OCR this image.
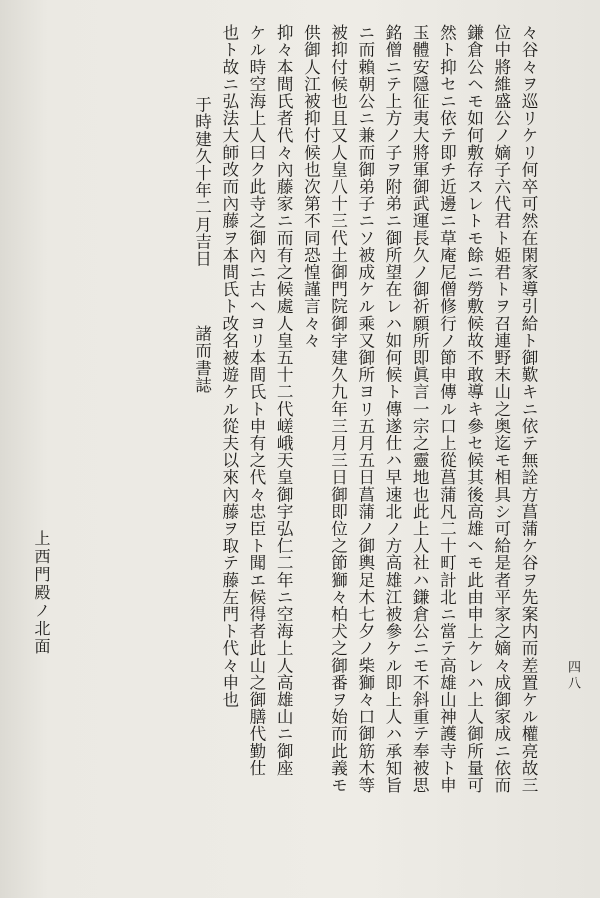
四八
々谷々ヲ巡リケリ何卒可然在閑家導引給ト御歎キニ依テ無詮方菖蒲ケ谷ヲ先案内而差置ケル權亮故三
位中將維盛公ノ嫡子六代君ト姫君トヲ召連野末山之奥迄モ相具シ可給是者平家之嫡々成御家成ニ依而
鎌倉公ヘモ如何敷存スレトモ餘ニ勞敷候故不敢導キ參セ候其後高雄ヘモ此由申上ケレハ上人御所量可
然ト抑セニ依テ即チ近邊ニ草庵尼僧修行ノ節申傳ル口上從菖蒲凡二十町計北ニ當テ高雄山神護寺ト申
玉體安隱征夷大將軍御武運長久ノ御祈願所即眞言一宗之靈地也此上人社ハ鎌倉公ニモ不斜重テ奉被思
銘僧ニテ上方ノ子ヲ附弟ニ御所望在レハ如何候ト傳遂仕ハ早速北ノ方高雄江被參ケル即上人ハ承知旨
ニ而賴朝公ニ兼而御弟子ニソ被成ケル乘又御所ヨリ五月五日菖蒲ノ御輿足木七夕ノ柴獅々口御筋木等
被抑付候也且又人皇八十三代土御門院御宇建久九年三月三日御即位之節獅々柏犬之御番ヲ始而此義モ
供御人江被抑付候也次第不同恐惶謹言々々
抑々本間氏者代々內藤家ニ而有之候處人皇五十二代嵯峨天皇御宇弘仁二年ニ空海上人高雄山ニ御座
ケル時空海上人曰ク此寺之御內ニ古ヘヨリ本間氏ト申有之代々忠臣ト聞エ候得者此山之御膳代勤仕
也ト故ニ弘法大師改而內藤ヲ本間氏ト改名被遊ケル從夫以來內藤ヲ取テ藤左門ト代々申也
于時建久十年二月吉日諸而書誌
上西門殿ノ北面
